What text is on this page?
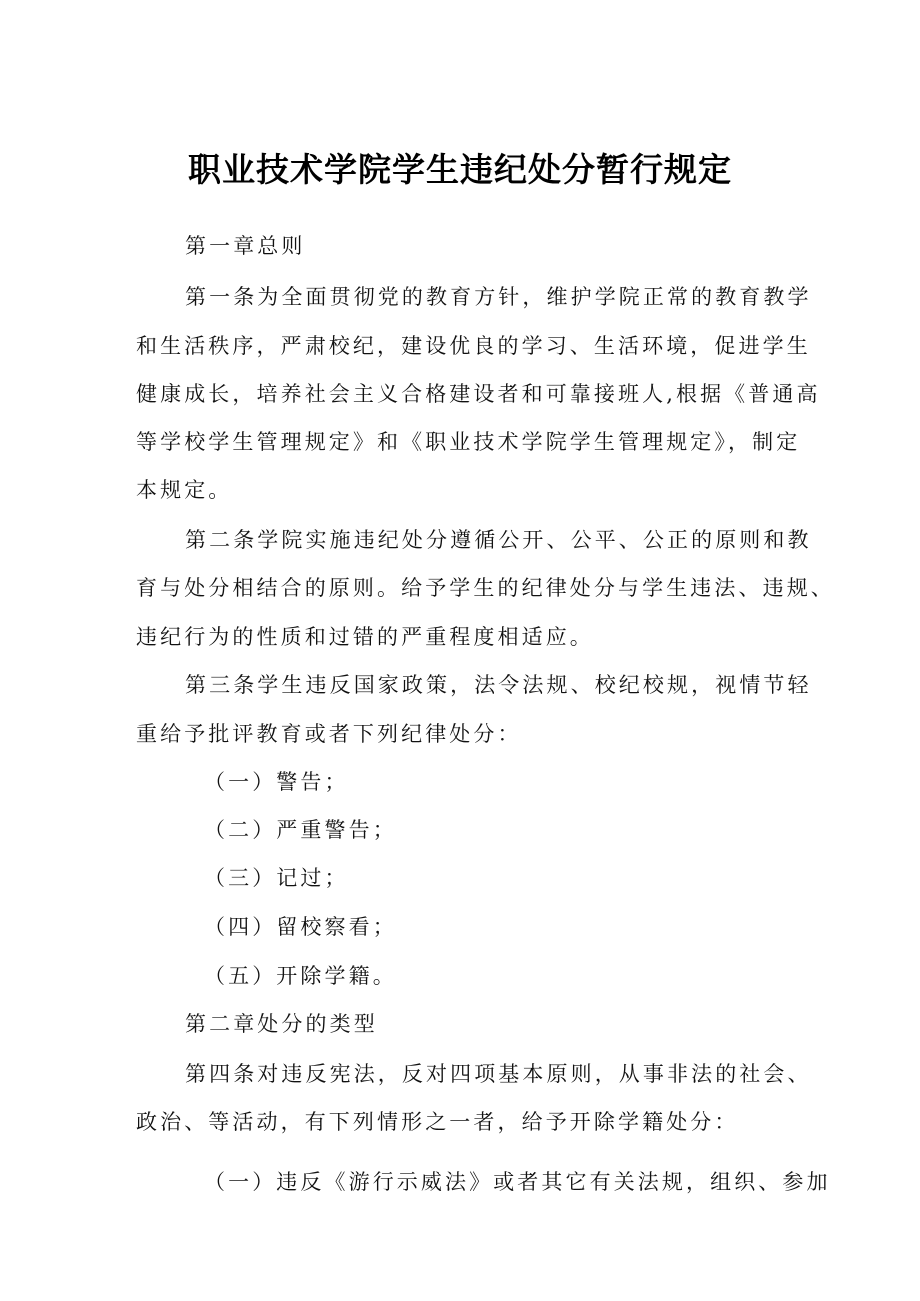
职业技术学院学生违纪处分暂行规定
第一章总则
第一条为全面贯彻党的教育方针，维护学院正常的教育教学
和生活秩序，严肃校纪，建设优良的学习、生活环境，促进学生
健康成长，培养社会主义合格建设者和可靠接班人,根据《普通高
等学校学生管理规定》和《职业技术学院学生管理规定》，制定
本规定。
第二条学院实施违纪处分遵循公开、公平、公正的原则和教
育与处分相结合的原则。给予学生的纪律处分与学生违法、违规、
违纪行为的性质和过错的严重程度相适应。
第三条学生违反国家政策，法令法规、校纪校规，视情节轻
重给予批评教育或者下列纪律处分：
（一）警告；
（二）严重警告；
（三）记过；
（四）留校察看；
（五）开除学籍。
第二章处分的类型
第四条对违反宪法，反对四项基本原则，从事非法的社会、
政治、等活动，有下列情形之一者，给予开除学籍处分：
（一）违反《游行示威法》或者其它有关法规，组织、参加
